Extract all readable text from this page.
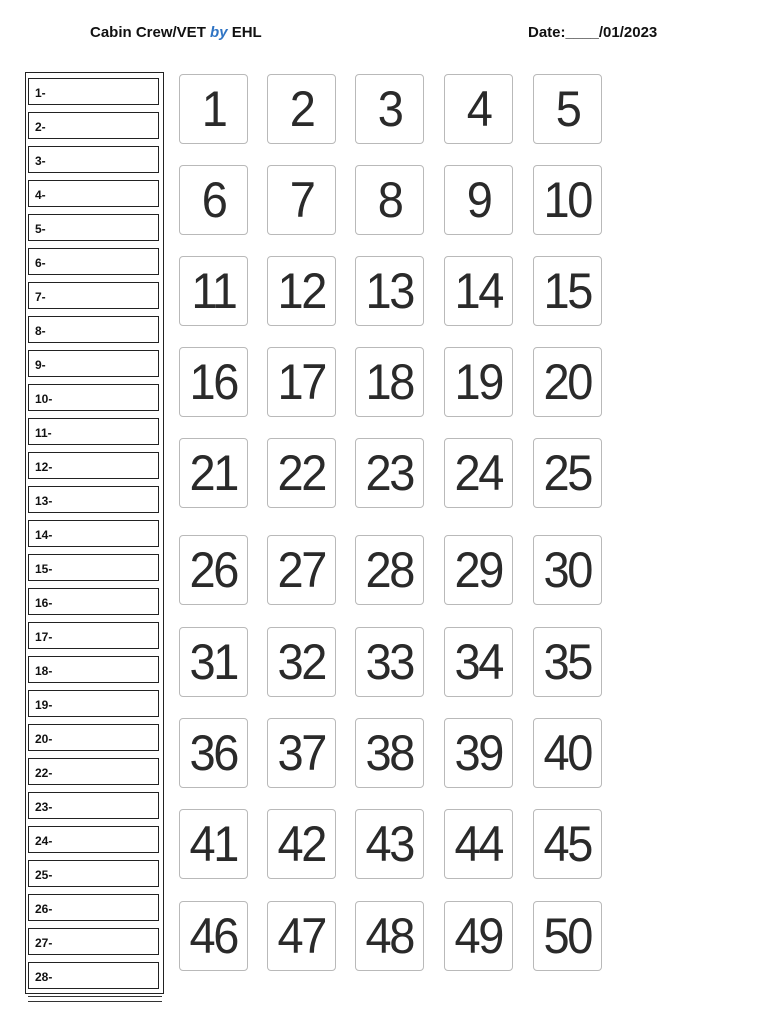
Cabin Crew/VET by EHL	Date:____/01/2023
1-
2-
3-
4-
5-
6-
7-
8-
9-
10-
11-
12-
13-
14-
15-
16-
17-
18-
19-
20-
22-
23-
24-
25-
26-
27-
28-
1 2 3 4 5
6 7 8 9 10
11 12 13 14 15
16 17 18 19 20
21 22 23 24 25
26 27 28 29 30
31 32 33 34 35
36 37 38 39 40
41 42 43 44 45
46 47 48 49 50
